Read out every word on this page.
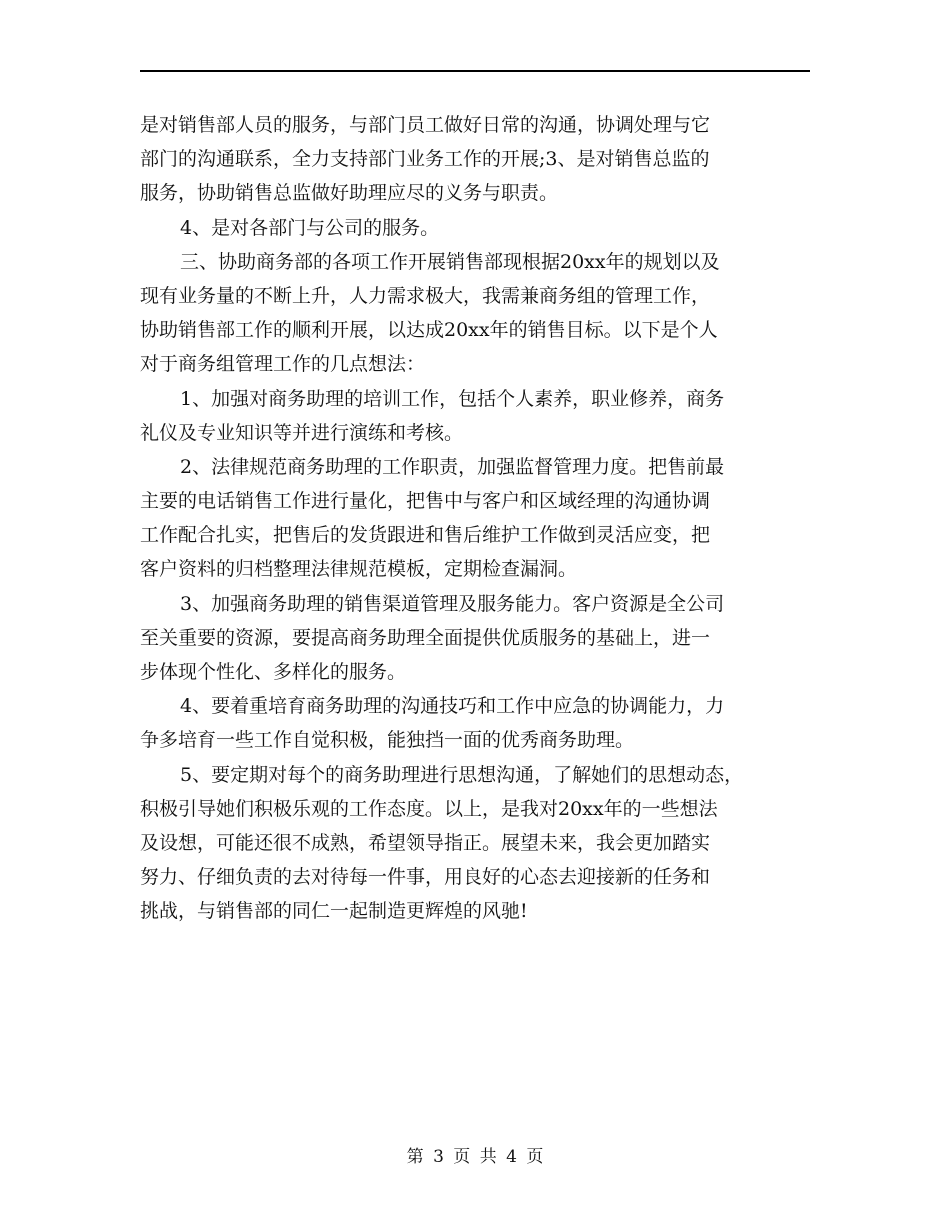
是对销售部人员的服务，与部门员工做好日常的沟通，协调处理与它
部门的沟通联系，全力支持部门业务工作的开展;3、是对销售总监的
服务，协助销售总监做好助理应尽的义务与职责。
4、是对各部门与公司的服务。
三、协助商务部的各项工作开展销售部现根据20xx年的规划以及
现有业务量的不断上升，人力需求极大，我需兼商务组的管理工作，
协助销售部工作的顺利开展，以达成20xx年的销售目标。以下是个人
对于商务组管理工作的几点想法：
1、加强对商务助理的培训工作，包括个人素养，职业修养，商务
礼仪及专业知识等并进行演练和考核。
2、法律规范商务助理的工作职责，加强监督管理力度。把售前最
主要的电话销售工作进行量化，把售中与客户和区域经理的沟通协调
工作配合扎实，把售后的发货跟进和售后维护工作做到灵活应变，把
客户资料的归档整理法律规范模板，定期检查漏洞。
3、加强商务助理的销售渠道管理及服务能力。客户资源是全公司
至关重要的资源，要提高商务助理全面提供优质服务的基础上，进一
步体现个性化、多样化的服务。
4、要着重培育商务助理的沟通技巧和工作中应急的协调能力，力
争多培育一些工作自觉积极，能独挡一面的优秀商务助理。
5、要定期对每个的商务助理进行思想沟通，了解她们的思想动态，
积极引导她们积极乐观的工作态度。以上，是我对20xx年的一些想法
及设想，可能还很不成熟，希望领导指正。展望未来，我会更加踏实
努力、仔细负责的去对待每一件事，用良好的心态去迎接新的任务和
挑战，与销售部的同仁一起制造更辉煌的风驰!
第 3 页 共 4 页
